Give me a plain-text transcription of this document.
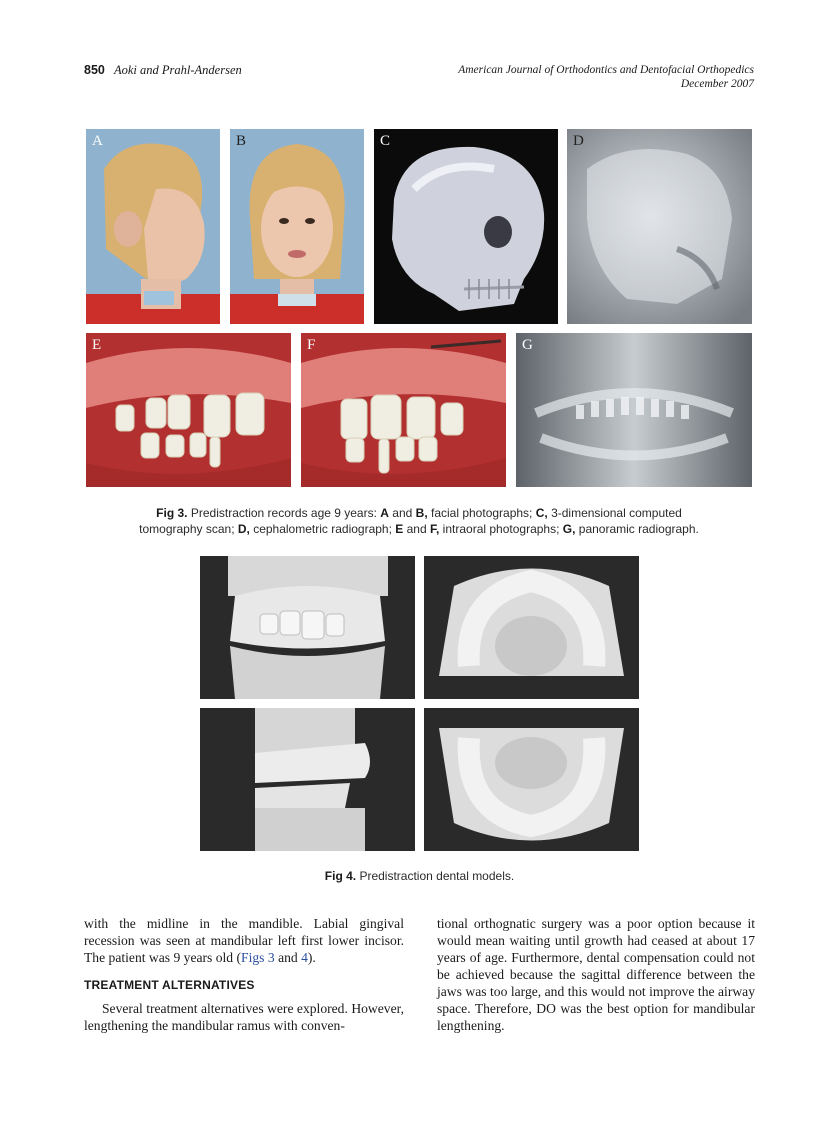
850 Aoki and Prahl-Andersen	American Journal of Orthodontics and Dentofacial Orthopedics
December 2007
A	B	C	D
E	F	G
Fig 3. Predistraction records age 9 years: A and B, facial photographs; C, 3-dimensional computed tomography scan; D, cephalometric radiograph; E and F, intraoral photographs; G, panoramic radiograph.
Fig 4. Predistraction dental models.

with the midline in the mandible. Labial gingival recession was seen at mandibular left first lower incisor. The patient was 9 years old (Figs 3 and 4).

TREATMENT ALTERNATIVES

Several treatment alternatives were explored. However, lengthening the mandibular ramus with conven-

tional orthognatic surgery was a poor option because it would mean waiting until growth had ceased at about 17 years of age. Furthermore, dental compensation could not be achieved because the sagittal difference between the jaws was too large, and this would not improve the airway space. Therefore, DO was the best option for mandibular lengthening.
